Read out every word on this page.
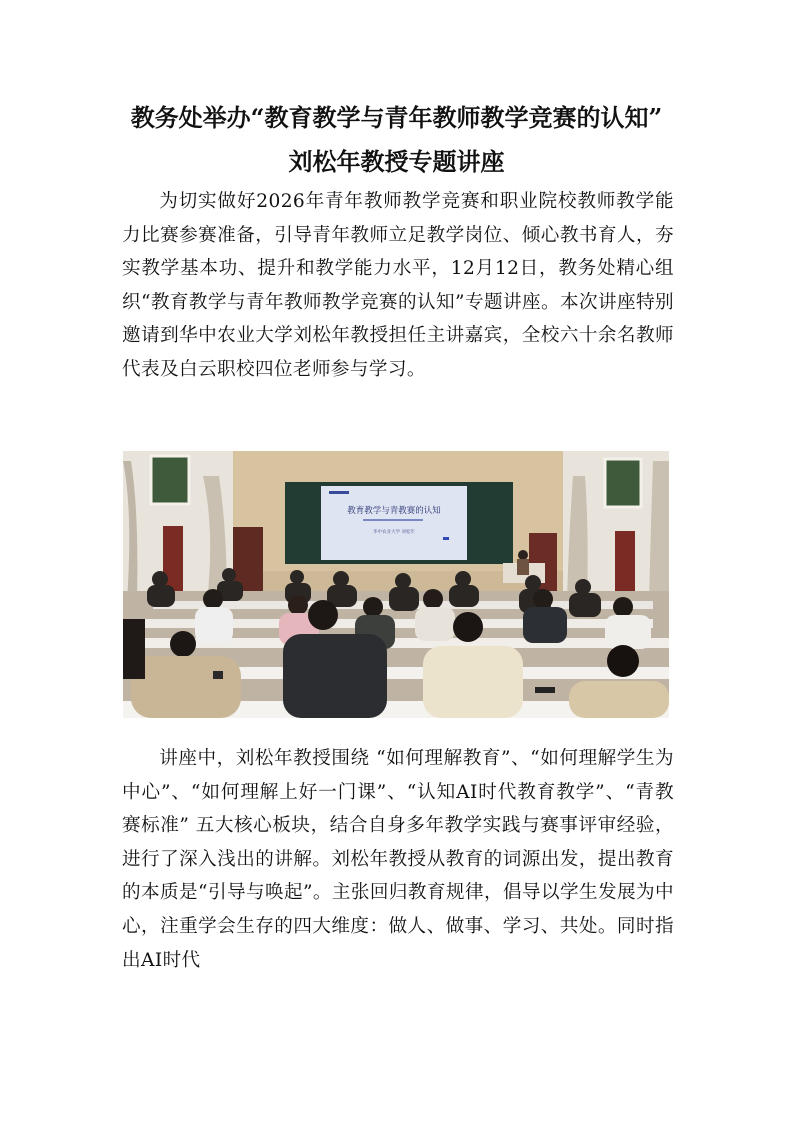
教务处举办“教育教学与青年教师教学竞赛的认知”
刘松年教授专题讲座

为切实做好2026年青年教师教学竞赛和职业院校教师教学能力比赛参赛准备，引导青年教师立足教学岗位、倾心教书育人，夯实教学基本功、提升和教学能力水平，12月12日，教务处精心组织“教育教学与青年教师教学竞赛的认知”专题讲座。本次讲座特别邀请到华中农业大学刘松年教授担任主讲嘉宾，全校六十余名教师代表及白云职校四位老师参与学习。

教育教学与青教赛的认知
华中农业大学 刘松年

讲座中，刘松年教授围绕 “如何理解教育”、“如何理解学生为中心”、“如何理解上好一门课”、“认知AI时代教育教学”、“青教赛标准” 五大核心板块，结合自身多年教学实践与赛事评审经验，进行了深入浅出的讲解。刘松年教授从教育的词源出发，提出教育的本质是“引导与唤起”。主张回归教育规律，倡导以学生发展为中心，注重学会生存的四大维度：做人、做事、学习、共处。同时指出AI时代
